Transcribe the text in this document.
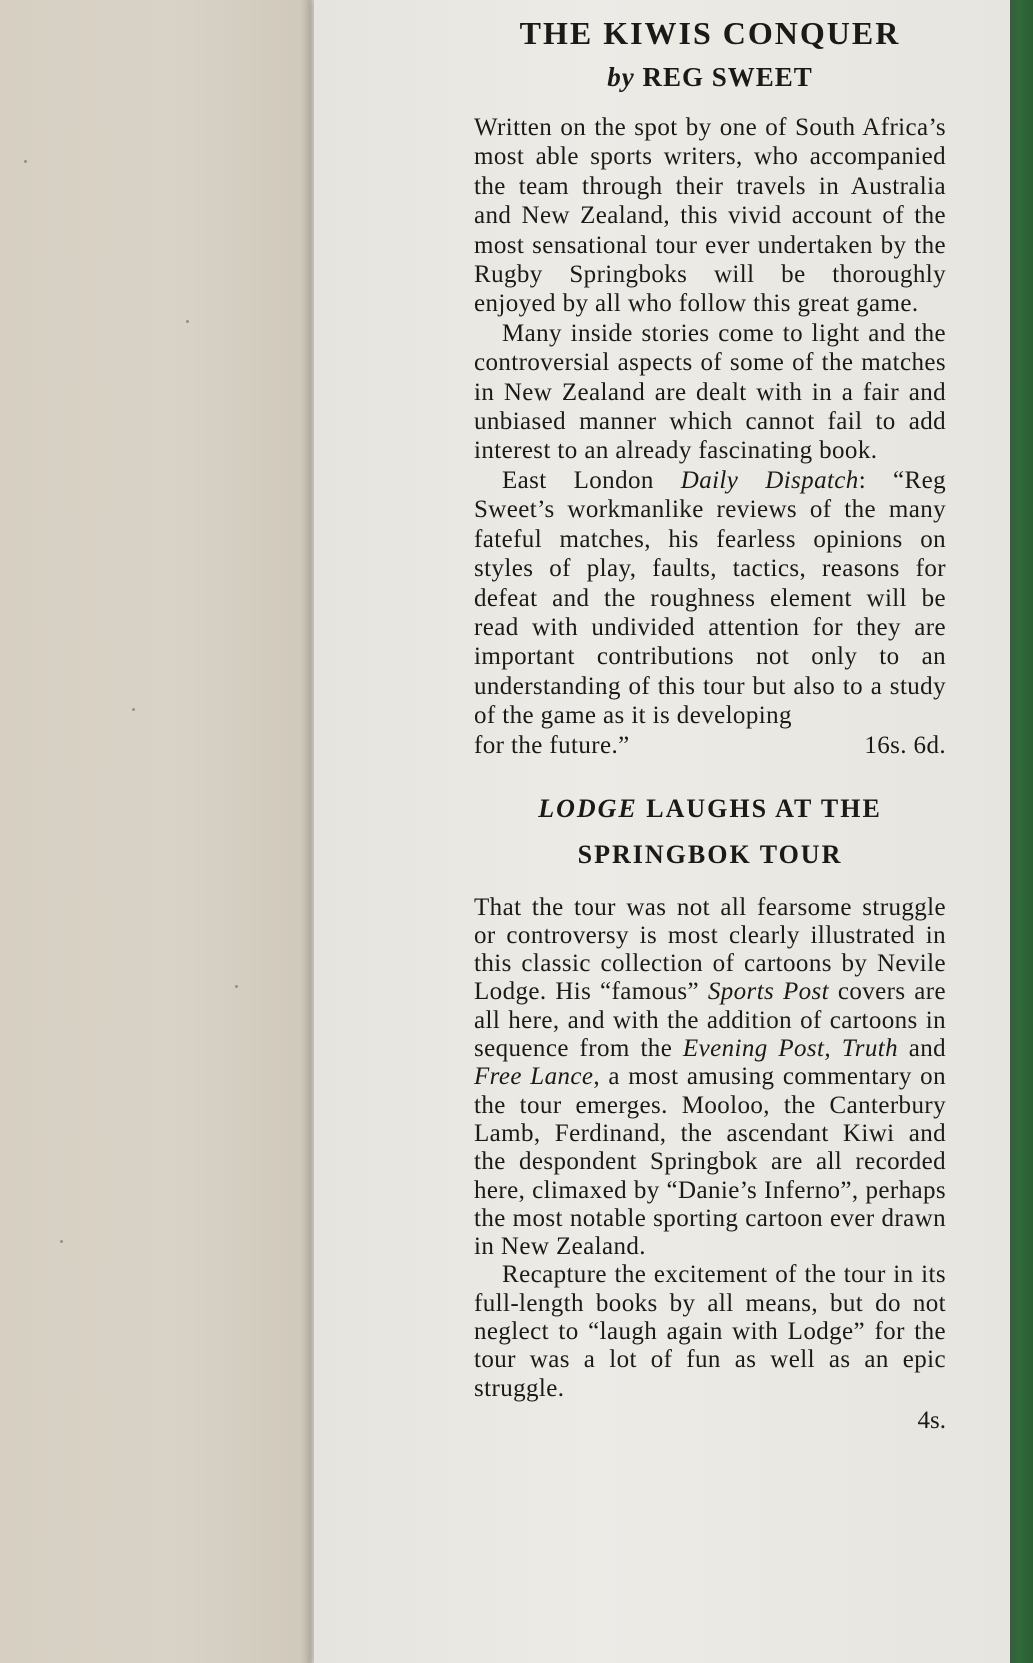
THE KIWIS CONQUER
by REG SWEET

Written on the spot by one of South Africa’s most able sports writers, who accompanied the team through their travels in Australia and New Zealand, this vivid account of the most sensational tour ever undertaken by the Rugby Springboks will be thoroughly enjoyed by all who follow this great game.

Many inside stories come to light and the controversial aspects of some of the matches in New Zealand are dealt with in a fair and unbiased manner which cannot fail to add interest to an already fascinating book.

East London Daily Dispatch: “Reg Sweet’s workmanlike reviews of the many fateful matches, his fearless opinions on styles of play, faults, tactics, reasons for defeat and the roughness element will be read with undivided attention for they are important contributions not only to an understanding of this tour but also to a study of the game as it is developing

for the future.”	16s. 6d.
LODGE LAUGHS AT THE
SPRINGBOK TOUR

That the tour was not all fearsome struggle or controversy is most clearly illustrated in this classic collection of cartoons by Nevile Lodge. His “famous” Sports Post covers are all here, and with the addition of cartoons in sequence from the Evening Post, Truth and Free Lance, a most amusing commentary on the tour emerges. Mooloo, the Canterbury Lamb, Ferdinand, the ascendant Kiwi and the despondent Springbok are all recorded here, climaxed by “Danie’s Inferno”, perhaps the most notable sporting cartoon ever drawn in New Zealand.

Recapture the excitement of the tour in its full-length books by all means, but do not neglect to “laugh again with Lodge” for the tour was a lot of fun as well as an epic struggle.

4s.
